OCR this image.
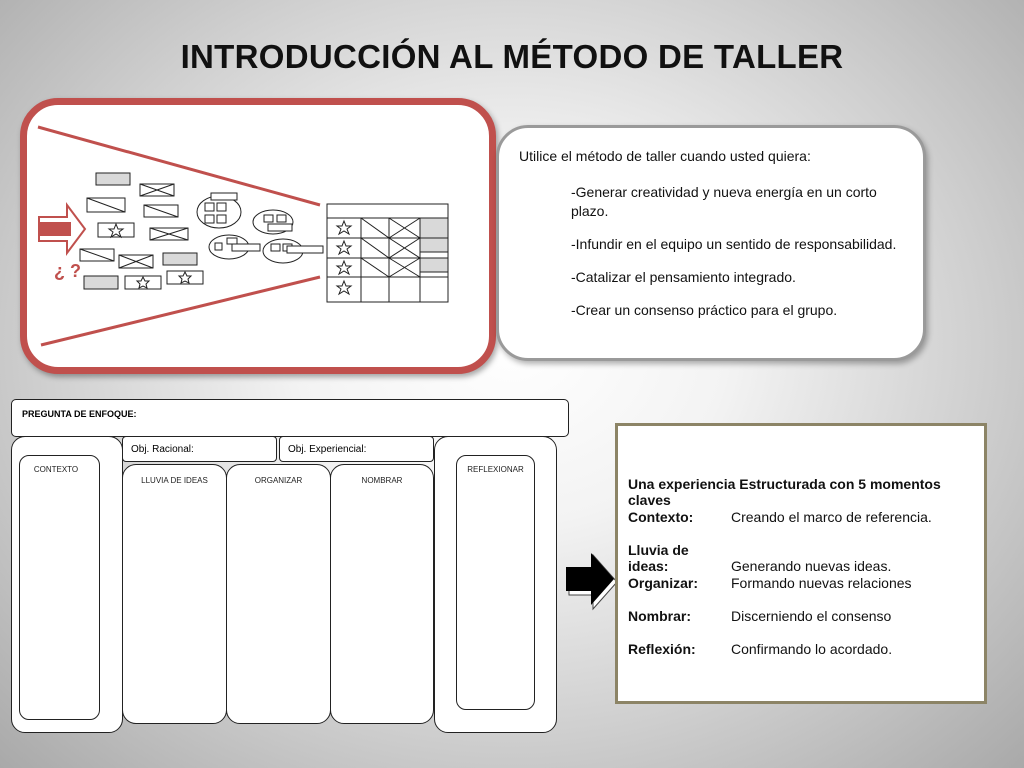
INTRODUCCIÓN AL MÉTODO DE TALLER
¿ ?
Utilice el método de taller cuando usted quiera:
-Generar creatividad y nueva energía en un corto plazo.
-Infundir en el equipo un sentido de responsabilidad.
-Catalizar el pensamiento integrado.
-Crear un consenso práctico para el grupo.
PREGUNTA DE ENFOQUE:
Obj. Racional:	Obj. Experiencial:
CONTEXTO
LLUVIA DE IDEAS	ORGANIZAR	NOMBRAR
REFLEXIONAR
Una experiencia Estructurada con 5 momentos claves
Contexto:	Creando el marco de referencia.
Lluvia de ideas:	Generando nuevas ideas.
Organizar: Formando nuevas relaciones
Nombrar:	Discerniendo el consenso
Reflexión:	Confirmando lo acordado.
